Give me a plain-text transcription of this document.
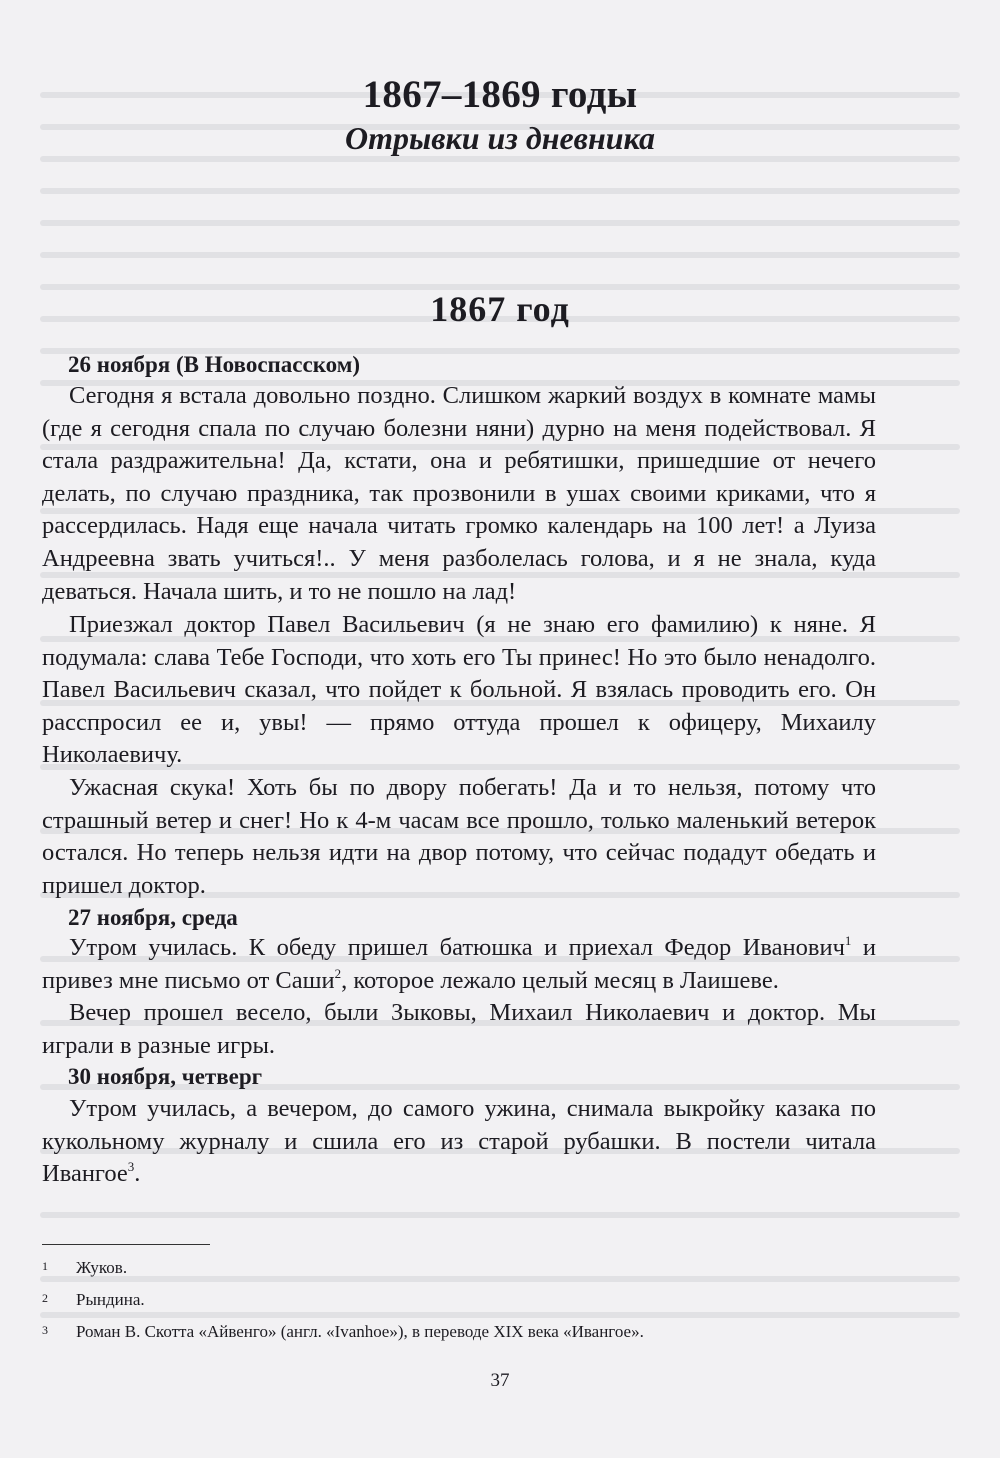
1867–1869 годы
Отрывки из дневника
1867 год
26 ноября (В Новоспасском)
Сегодня я встала довольно поздно. Слишком жаркий воздух в комнате мамы (где я сегодня спала по случаю болезни няни) дурно на меня подействовал. Я стала раздражительна! Да, кстати, она и ребятишки, пришедшие от нечего делать, по случаю праздника, так прозвонили в ушах своими криками, что я рассердилась. Надя еще начала читать громко календарь на 100 лет! а Луиза Андреевна звать учиться!.. У меня разболелась голова, и я не знала, куда деваться. Начала шить, и то не пошло на лад!
Приезжал доктор Павел Васильевич (я не знаю его фамилию) к няне. Я подумала: слава Тебе Господи, что хоть его Ты принес! Но это было ненадолго. Павел Васильевич сказал, что пойдет к больной. Я взялась проводить его. Он расспросил ее и, увы! — прямо оттуда прошел к офицеру, Михаилу Николаевичу.
Ужасная скука! Хоть бы по двору побегать! Да и то нельзя, потому что страшный ветер и снег! Но к 4-м часам все прошло, только маленький ветерок остался. Но теперь нельзя идти на двор потому, что сейчас подадут обедать и пришел доктор.
27 ноября, среда
Утром училась. К обеду пришел батюшка и приехал Федор Иванович$^1$ и привез мне письмо от Саши$^2$, которое лежало целый месяц в Лаишеве.
Вечер прошел весело, были Зыковы, Михаил Николаевич и доктор. Мы играли в разные игры.
30 ноября, четверг
Утром училась, а вечером, до самого ужина, снимала выкройку казака по кукольному журналу и сшила его из старой рубашки. В постели читала Ивангое$^3$.
1 Жуков.
2 Рындина.
3 Роман В. Скотта «Айвенго» (англ. «Ivanhoe»), в переводе XIX века «Ивангое».
37
